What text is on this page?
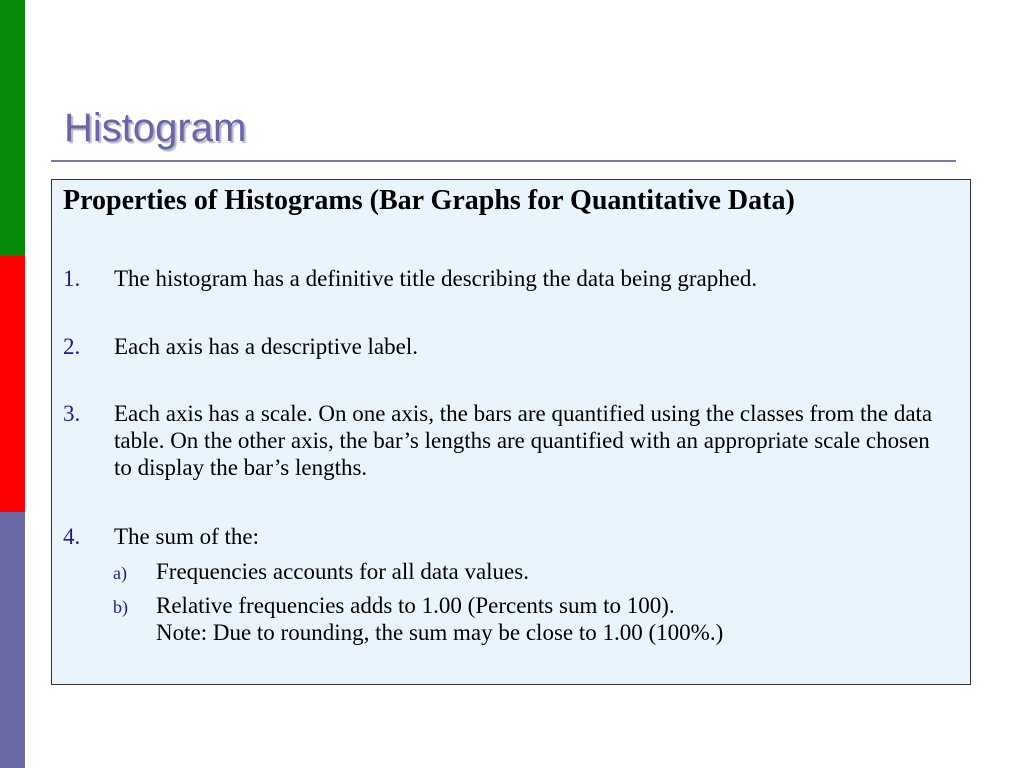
Histogram
Properties of Histograms (Bar Graphs for Quantitative Data)
1. The histogram has a definitive title describing the data being graphed.
2. Each axis has a descriptive label.
3. Each axis has a scale. On one axis, the bars are quantified using the classes from the data table. On the other axis, the bar’s lengths are quantified with an appropriate scale chosen to display the bar’s lengths.
4. The sum of the:
a) Frequencies accounts for all data values.
b) Relative frequencies adds to 1.00 (Percents sum to 100).
Note: Due to rounding, the sum may be close to 1.00 (100%.)
